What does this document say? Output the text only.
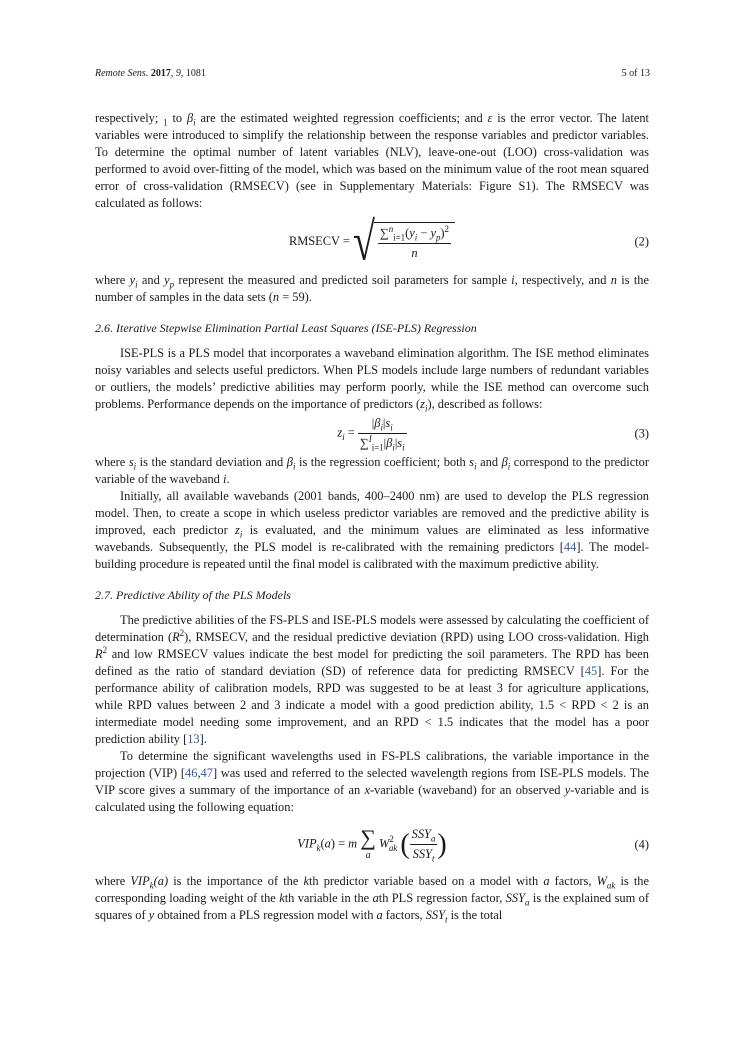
Remote Sens. 2017, 9, 1081	5 of 13

respectively; $_1$ to $\beta_i$ are the estimated weighted regression coefficients; and ε is the error vector. The latent variables were introduced to simplify the relationship between the response variables and predictor variables. To determine the optimal number of latent variables (NLV), leave-one-out (LOO) cross-validation was performed to avoid over-fitting of the model, which was based on the minimum value of the root mean squared error of cross-validation (RMSECV) (see in Supplementary Materials: Figure S1). The RMSECV was calculated as follows:

RMSECV = √ $\frac{\sum^n_{i=1}(y_i - y_p)^2}{n}$	(2)

where $y_i$ and $y_p$ represent the measured and predicted soil parameters for sample i, respectively, and n is the number of samples in the data sets (n = 59).

2.6. Iterative Stepwise Elimination Partial Least Squares (ISE-PLS) Regression

ISE-PLS is a PLS model that incorporates a waveband elimination algorithm. The ISE method eliminates noisy variables and selects useful predictors. When PLS models include large numbers of redundant variables or outliers, the models’ predictive abilities may perform poorly, while the ISE method can overcome such problems. Performance depends on the importance of predictors $(z_i)$, described as follows:

$z_i = \frac{|\beta_i|s_i}{\sum^I_{i=1}|\beta_i|s_i}$	(3)

where $s_i$ is the standard deviation and $\beta_i$ is the regression coefficient; both $s_i$ and $\beta_i$ correspond to the predictor variable of the waveband i.

Initially, all available wavebands (2001 bands, 400–2400 nm) are used to develop the PLS regression model. Then, to create a scope in which useless predictor variables are removed and the predictive ability is improved, each predictor $z_i$ is evaluated, and the minimum values are eliminated as less informative wavebands. Subsequently, the PLS model is re-calibrated with the remaining predictors [44]. The model-building procedure is repeated until the final model is calibrated with the maximum predictive ability.

2.7. Predictive Ability of the PLS Models

The predictive abilities of the FS-PLS and ISE-PLS models were assessed by calculating the coefficient of determination $(R^2)$, RMSECV, and the residual predictive deviation (RPD) using LOO cross-validation. High $R^2$ and low RMSECV values indicate the best model for predicting the soil parameters. The RPD has been defined as the ratio of standard deviation (SD) of reference data for predicting RMSECV [45]. For the performance ability of calibration models, RPD was suggested to be at least 3 for agriculture applications, while RPD values between 2 and 3 indicate a model with a good prediction ability, 1.5 < RPD < 2 is an intermediate model needing some improvement, and an RPD < 1.5 indicates that the model has a poor prediction ability [13].

To determine the significant wavelengths used in FS-PLS calibrations, the variable importance in the projection (VIP) [46,47] was used and referred to the selected wavelength regions from ISE-PLS models. The VIP score gives a summary of the importance of an x-variable (waveband) for an observed y-variable and is calculated using the following equation:

$VIP_k(a) = m$ ∑
a
$W^2_{ak}$ ( $\frac{SSY_a}{SSY_t}$ )	(4)

where $VIP_k(a)$ is the importance of the kth predictor variable based on a model with a factors, $W_{ak}$ is the corresponding loading weight of the kth variable in the ath PLS regression factor, $SSY_a$ is the explained sum of squares of y obtained from a PLS regression model with a factors, $SSY_t$ is the total
